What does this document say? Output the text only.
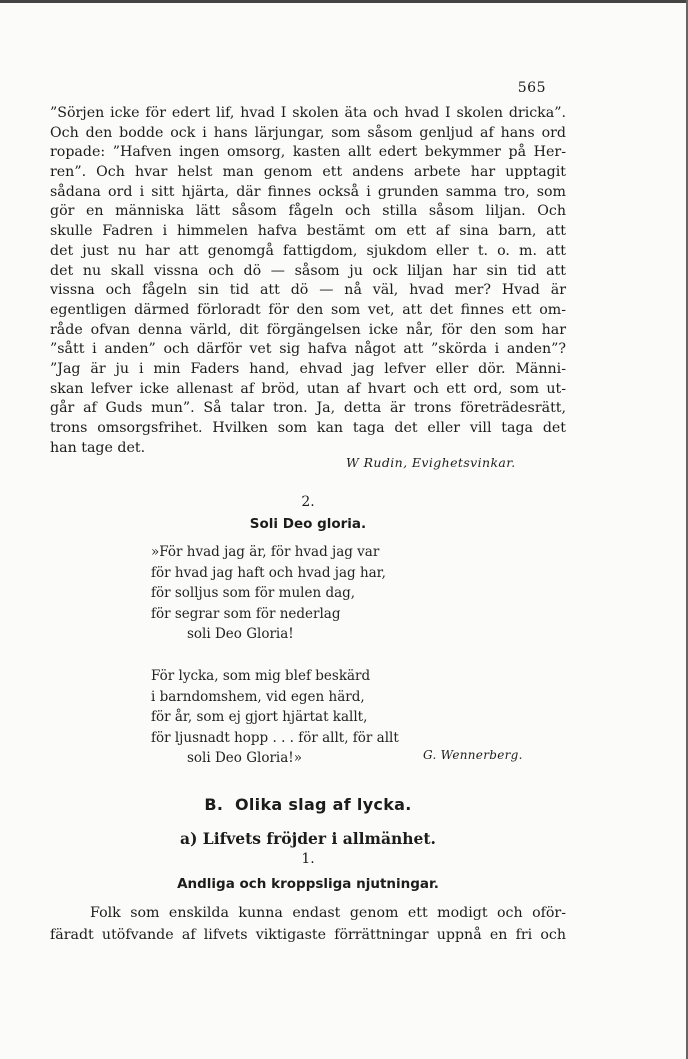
565
”Sörjen icke för edert lif, hvad I skolen äta och hvad I skolen dricka”.
Och den bodde ock i hans lärjungar, som såsom genljud af hans ord
ropade: ”Hafven ingen omsorg, kasten allt edert bekymmer på Her-
ren”. Och hvar helst man genom ett andens arbete har upptagit
sådana ord i sitt hjärta, där finnes också i grunden samma tro, som
gör en människa lätt såsom fågeln och stilla såsom liljan. Och
skulle Fadren i himmelen hafva bestämt om ett af sina barn, att
det just nu har att genomgå fattigdom, sjukdom eller t. o. m. att
det nu skall vissna och dö — såsom ju ock liljan har sin tid att
vissna och fågeln sin tid att dö — nå väl, hvad mer? Hvad är
egentligen därmed förloradt för den som vet, att det finnes ett om-
råde ofvan denna värld, dit förgängelsen icke når, för den som har
”sått i anden” och därför vet sig hafva något att ”skörda i anden”?
”Jag är ju i min Faders hand, ehvad jag lefver eller dör. Männi-
skan lefver icke allenast af bröd, utan af hvart och ett ord, som ut-
går af Guds mun”. Så talar tron. Ja, detta är trons företrädesrätt,
trons omsorgsfrihet. Hvilken som kan taga det eller vill taga det
han tage det.
W Rudin, Evighetsvinkar.
2.
Soli Deo gloria.
»För hvad jag är, för hvad jag var
för hvad jag haft och hvad jag har,
för solljus som för mulen dag,
för segrar som för nederlag
soli Deo Gloria!
För lycka, som mig blef beskärd
i barndomshem, vid egen härd,
för år, som ej gjort hjärtat kallt,
för ljusnadt hopp . . . för allt, för allt
soli Deo Gloria!»	G. Wennerberg.
B.  Olika slag af lycka.
a) Lifvets fröjder i allmänhet.
1.
Andliga och kroppsliga njutningar.
Folk som enskilda kunna endast genom ett modigt och oför-
färadt utöfvande af lifvets viktigaste förrättningar uppnå en fri och
